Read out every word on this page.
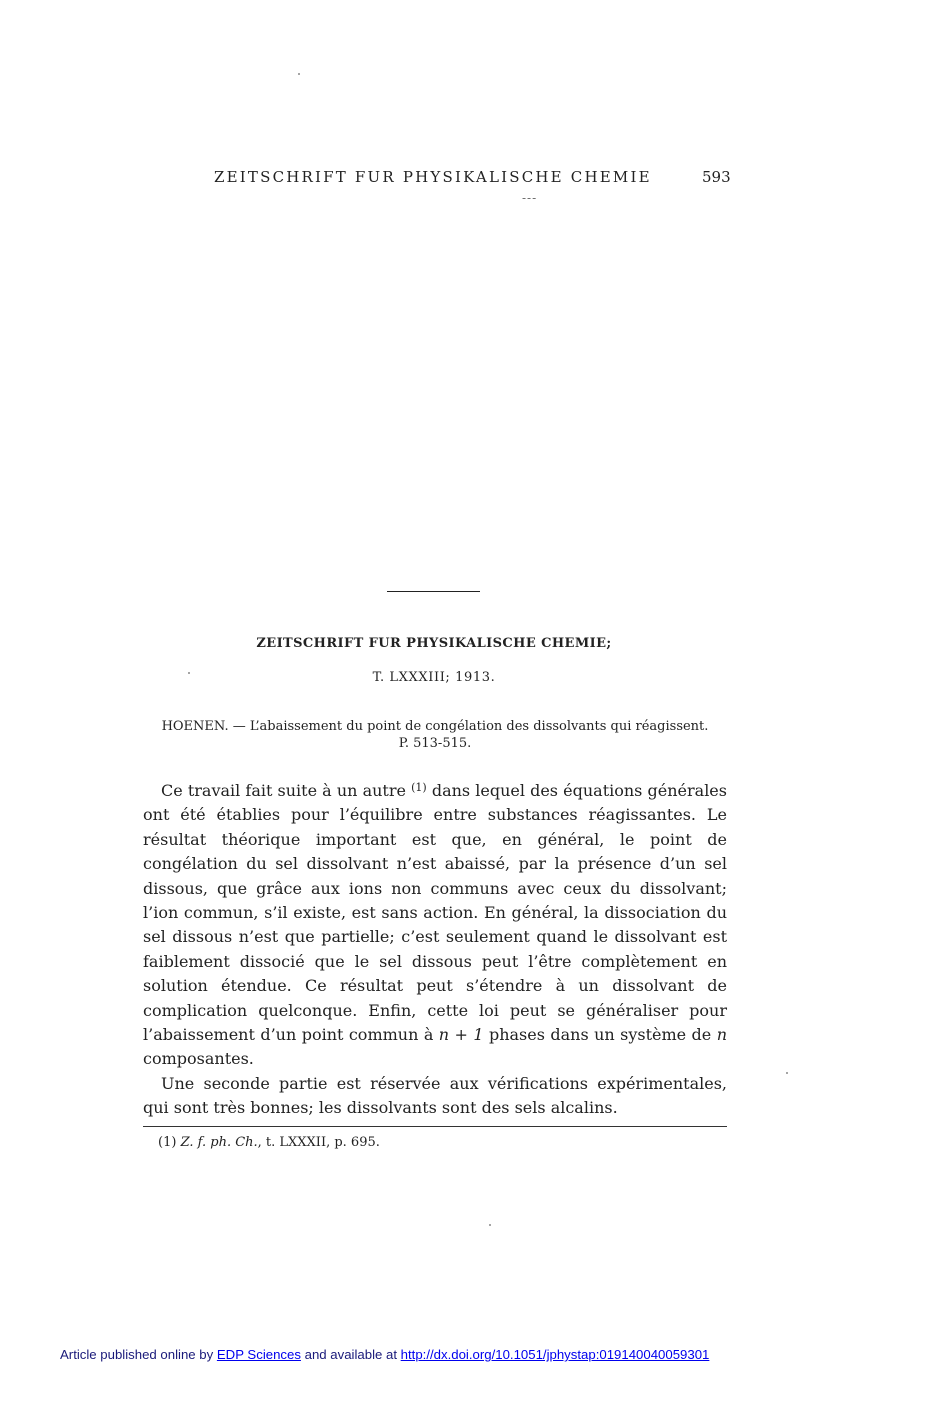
ZEITSCHRIFT FUR PHYSIKALISCHE CHEMIE	593
---
ZEITSCHRIFT FUR PHYSIKALISCHE CHEMIE;
T. LXXXIII; 1913.
HOENEN. — L’abaissement du point de congélation des dissolvants qui réagissent.
P. 513-515.

Ce travail fait suite à un autre $^{(1)}$ dans lequel des équations générales ont été établies pour l’équilibre entre substances réagissantes. Le résultat théorique important est que, en général, le point de congélation du sel dissolvant n’est abaissé, par la présence d’un sel dissous, que grâce aux ions non communs avec ceux du dissolvant; l’ion commun, s’il existe, est sans action. En général, la dissociation du sel dissous n’est que partielle; c’est seulement quand le dissolvant est faiblement dissocié que le sel dissous peut l’être complètement en solution étendue. Ce résultat peut s’étendre à un dissolvant de complication quelconque. Enfin, cette loi peut se généraliser pour l’abaissement d’un point commun à n + 1 phases dans un système de n composantes.

Une seconde partie est réservée aux vérifications expérimentales, qui sont très bonnes; les dissolvants sont des sels alcalins.

(1) Z. f. ph. Ch., t. LXXXII, p. 695.
Article published online by EDP Sciences and available at http://dx.doi.org/10.1051/jphystap:019140040059301
